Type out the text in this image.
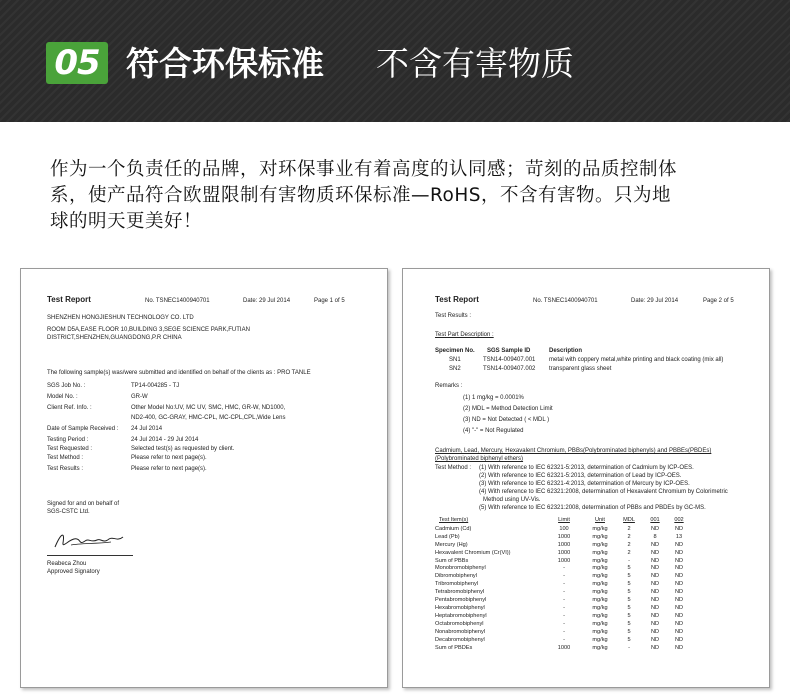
05 符合环保标准 不含有害物质
作为一个负责任的品牌，对环保事业有着高度的认同感；苛刻的品质控制体
系，使产品符合欧盟限制有害物质环保标准—RoHS，不含有害物。只为地
球的明天更美好！
Test Report	No. TSNEC1400940701	Date: 29 Jul 2014	Page 1 of 5
SHENZHEN HONGJIESHUN TECHNOLOGY CO. LTD
ROOM D5A,EASE FLOOR 10,BUILDING 3,SEGE SCIENCE PARK,FUTIAN
DISTRICT,SHENZHEN,GUANGDONG,P.R CHINA
The following sample(s) was/were submitted and identified on behalf of the clients as : PRO TANLE
SGS Job No. :	TP14-004285 - TJ
Model No. :	GR-W
Client Ref. Info. :	Other Model No:UV, MC UV, SMC, HMC, GR-W, ND1000,
ND2-400, GC-GRAY, HMC-CPL, MC-CPL,CPL,Wide Lens
Date of Sample Received : 24 Jul 2014
Testing Period :	24 Jul 2014 - 29 Jul 2014
Test Requested :	Selected test(s) as requested by client.
Test Method :	Please refer to next page(s).
Test Results :	Please refer to next page(s).
Signed for and on behalf of
SGS-CSTC Ltd.
Reabeca Zhou
Approved Signatory
Test Report	No. TSNEC1400940701	Date: 29 Jul 2014	Page 2 of 5
Test Results :
Test Part Description :
Specimen No. SGS Sample ID	Description
SN1	TSN14-009407.001 metal with coppery metal,white printing and black coating (mix all)
SN2	TSN14-009407.002 transparent glass sheet
Remarks :
(1) 1 mg/kg = 0.0001%
(2) MDL = Method Detection Limit
(3) ND = Not Detected ( < MDL )
(4) "-" = Not Regulated
Cadmium, Lead, Mercury, Hexavalent Chromium, PBBs(Polybrominated biphenyls) and PBBEs(PBDEs)
(Polybrominated biphenyl ethers)
Test Method : (1) With reference to IEC 62321-5:2013, determination of Cadmium by ICP-OES.
(2) With reference to IEC 62321-5:2013, determination of Lead by ICP-OES.
(3) With reference to IEC 62321-4:2013, determination of Mercury by ICP-OES.
(4) With reference to IEC 62321:2008, determination of Hexavalent Chromium by Colorimetric
Method using UV-Vis.
(5) With reference to IEC 62321:2008, determination of PBBs and PBDEs by GC-MS.
Test Item(s)	Limit	Unit	MDL	001	002
Cadmium (Cd)	100	mg/kg	2	ND	ND
Lead (Pb)	1000	mg/kg	2	8	13
Mercury (Hg)	1000	mg/kg	2	ND	ND
Hexavalent Chromium (Cr(VI))	1000	mg/kg	2	ND	ND
Sum of PBBs	1000	mg/kg	-	ND	ND
Monobromobiphenyl	-	mg/kg	5	ND	ND
Dibromobiphenyl	-	mg/kg	5	ND	ND
Tribromobiphenyl	-	mg/kg	5	ND	ND
Tetrabromobiphenyl	-	mg/kg	5	ND	ND
Pentabromobiphenyl	-	mg/kg	5	ND	ND
Hexabromobiphenyl	-	mg/kg	5	ND	ND
Heptabromobiphenyl	-	mg/kg	5	ND	ND
Octabromobiphenyl	-	mg/kg	5	ND	ND
Nonabromobiphenyl	-	mg/kg	5	ND	ND
Decabromobiphenyl	-	mg/kg	5	ND	ND
Sum of PBDEs	1000	mg/kg	-	ND	ND
